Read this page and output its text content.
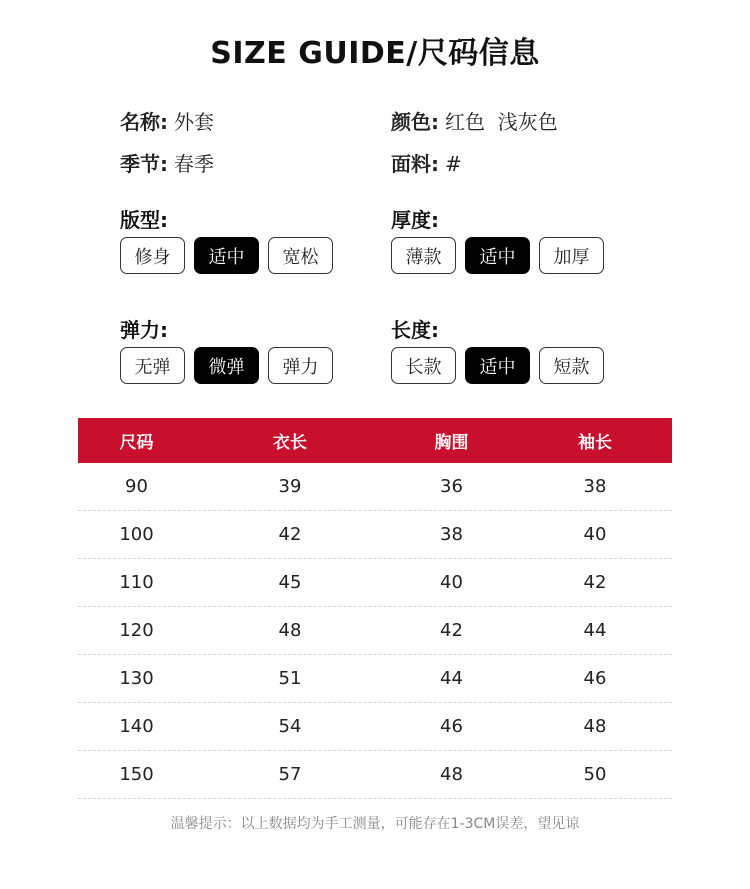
SIZE GUIDE/尺码信息
名称: 外套	颜色: 红色  浅灰色
季节: 春季	面料: #
版型:
修身	适中	宽松
厚度:
薄款	适中	加厚
弹力:
无弹	微弹	弹力
长度:
长款	适中	短款
尺码	衣长	胸围	袖长
90	39	36	38
100	42	38	40
110	45	40	42
120	48	42	44
130	51	44	46
140	54	46	48
150	57	48	50
温馨提示：以上数据均为手工测量，可能存在1-3CM误差，望见谅
